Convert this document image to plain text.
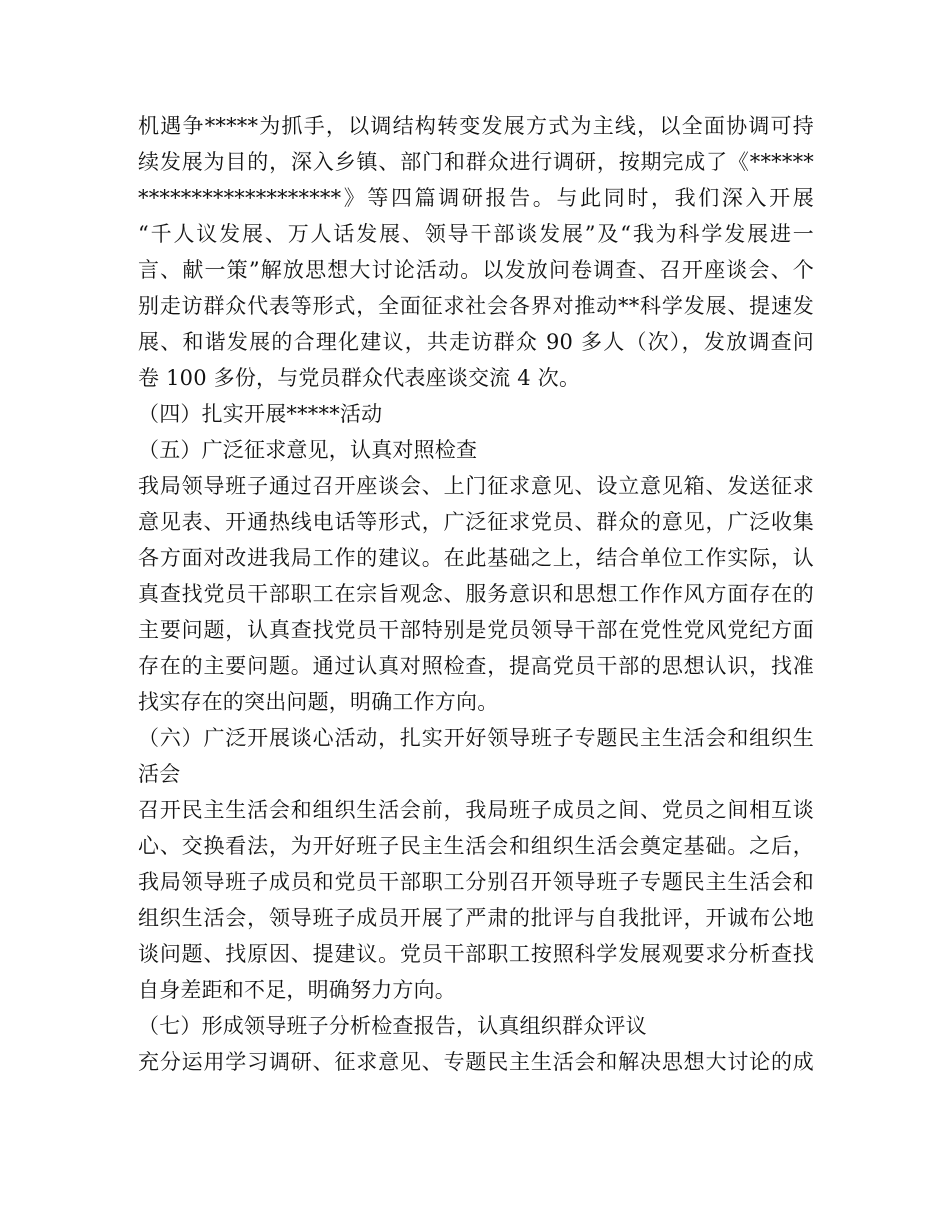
机遇争*****为抓手，以调结构转变发展方式为主线，以全面协调可持
续发展为目的，深入乡镇、部门和群众进行调研，按期完成了《******
*******************》等四篇调研报告。与此同时，我们深入开展
“千人议发展、万人话发展、领导干部谈发展”及“我为科学发展进一
言、献一策”解放思想大讨论活动。以发放问卷调查、召开座谈会、个
别走访群众代表等形式，全面征求社会各界对推动**科学发展、提速发
展、和谐发展的合理化建议，共走访群众 90 多人（次），发放调查问
卷 100 多份，与党员群众代表座谈交流 4 次。
（四）扎实开展*****活动
（五）广泛征求意见，认真对照检查
我局领导班子通过召开座谈会、上门征求意见、设立意见箱、发送征求
意见表、开通热线电话等形式，广泛征求党员、群众的意见，广泛收集
各方面对改进我局工作的建议。在此基础之上，结合单位工作实际，认
真查找党员干部职工在宗旨观念、服务意识和思想工作作风方面存在的
主要问题，认真查找党员干部特别是党员领导干部在党性党风党纪方面
存在的主要问题。通过认真对照检查，提高党员干部的思想认识，找准
找实存在的突出问题，明确工作方向。
（六）广泛开展谈心活动，扎实开好领导班子专题民主生活会和组织生
活会
召开民主生活会和组织生活会前，我局班子成员之间、党员之间相互谈
心、交换看法，为开好班子民主生活会和组织生活会奠定基础。之后，
我局领导班子成员和党员干部职工分别召开领导班子专题民主生活会和
组织生活会，领导班子成员开展了严肃的批评与自我批评，开诚布公地
谈问题、找原因、提建议。党员干部职工按照科学发展观要求分析查找
自身差距和不足，明确努力方向。
（七）形成领导班子分析检查报告，认真组织群众评议
充分运用学习调研、征求意见、专题民主生活会和解决思想大讨论的成
